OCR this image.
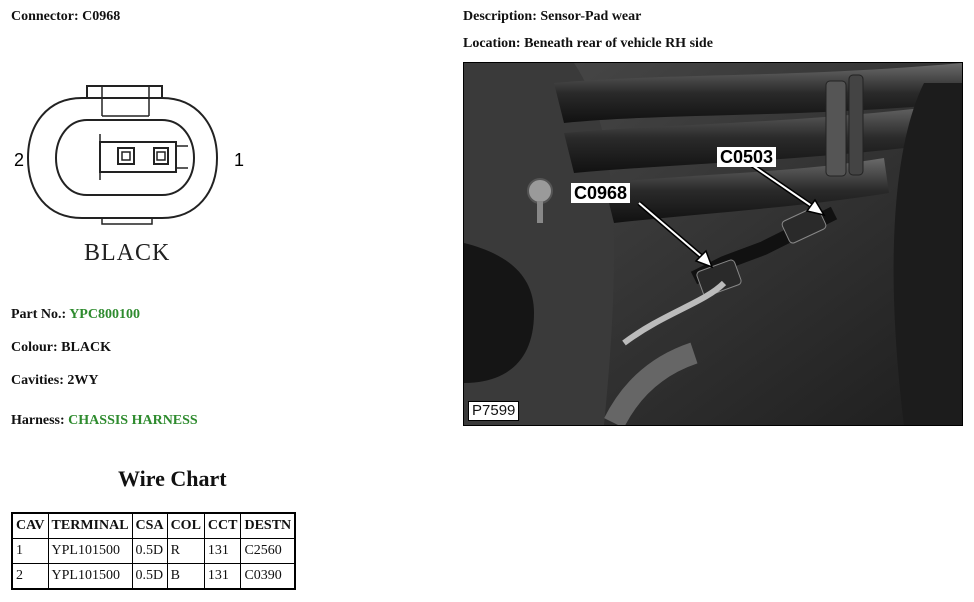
Connector: C0968	Description: Sensor-Pad wear
Location: Beneath rear of vehicle RH side
2	1
BLACK
Part No.: YPC800100
Colour: BLACK
Cavities: 2WY
Harness: CHASSIS HARNESS
C0503
C0968
P7599
Wire Chart
CAV	TERMINAL	CSA	COL	CCT	DESTN
1	YPL101500	0.5D	R	131	C2560
2	YPL101500	0.5D	B	131	C0390
